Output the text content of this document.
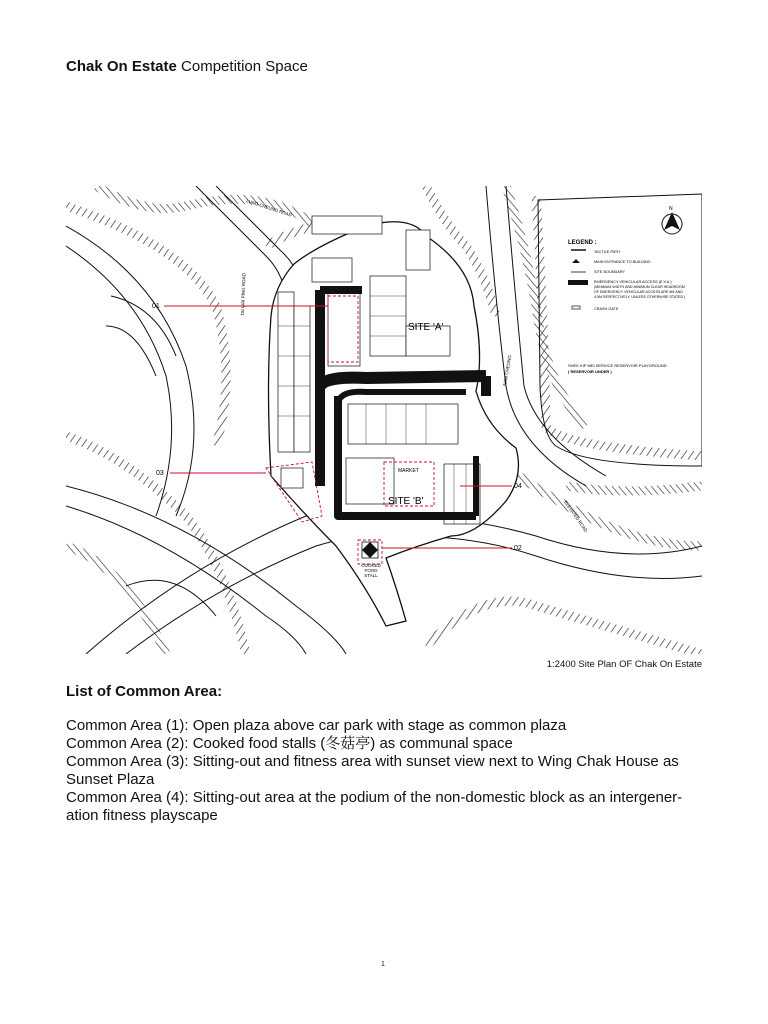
Chak On Estate Competition Space
SHEK KIP MEI SERVICE RESERVOIR PLAYGROUND
( RESERVOIR UNDER )
LEGEND :
TACTILE PATH
MAIN ENTRANCE TO BUILDING
SITE BOUNDARY
EMERGENCY VEHICULAR ACCESS (E.V.A.)
(MINIMUM WIDTH AND MINIMUM CLEAR HEADROOM
OF EMERGENCY VEHICULAR ACCESS ARE 6M AND
4.5M RESPECTIVELY, UNLESS OTHERWISE STATED.)
CRASH GATE
N
COOKED
FOOD
STALL
SITE 'A'
SITE 'B'
MARKET
LUNG CHEUNG ROAD
TAI WAI PING ROAD
NAM CHEONG
ELEVATED ROAD
01
02
03
04
1:2400 Site Plan OF Chak On Estate
List of Common Area:
Common Area (1): Open plaza above car park with stage as common plaza
Common Area (2): Cooked food stalls (冬菇亭) as communal space
Common Area (3): Sitting-out and fitness area with sunset view next to Wing Chak House as Sunset Plaza
Common Area (4): Sitting-out area at the podium of the non-domestic block as an intergener-ation fitness playscape
1
